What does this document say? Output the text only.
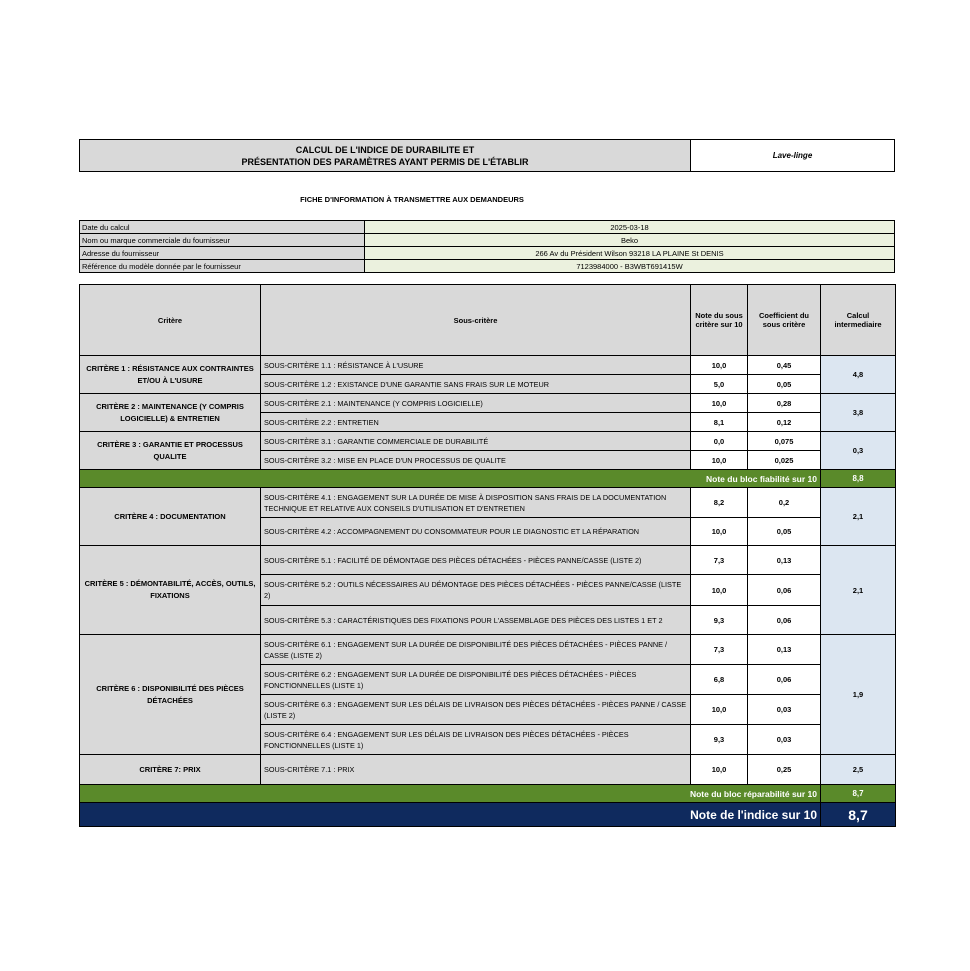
CALCUL DE L'INDICE DE DURABILITE ET
PRÉSENTATION DES PARAMÈTRES AYANT PERMIS DE L'ÉTABLIR
Lave-linge
FICHE D'INFORMATION À TRANSMETTRE AUX DEMANDEURS
Date du calcul	2025-03-18
Nom ou marque commerciale du fournisseur	Beko
Adresse du fournisseur	266 Av du Président Wilson 93218 LA PLAINE St DENIS
Référence du modèle donnée par le fournisseur	7123984000 - B3WBT691415W
Critère	Sous-critère	Note du sous critère sur 10	Coefficient du sous critère	Calcul intermediaire
CRITÈRE 1 : RÉSISTANCE AUX CONTRAINTES ET/OU À L'USURE	SOUS-CRITÈRE 1.1 : RÉSISTANCE À L'USURE	10,0	0,45	4,8
	SOUS-CRITÈRE 1.2 : EXISTANCE D'UNE GARANTIE SANS FRAIS SUR LE MOTEUR	5,0	0,05	
CRITÈRE 2 : MAINTENANCE (Y COMPRIS LOGICIELLE) & ENTRETIEN	SOUS-CRITÈRE 2.1 : MAINTENANCE (Y COMPRIS LOGICIELLE)	10,0	0,28	3,8
	SOUS-CRITÈRE 2.2 : ENTRETIEN	8,1	0,12	
CRITÈRE 3 : GARANTIE ET PROCESSUS QUALITE	SOUS-CRITÈRE 3.1 : GARANTIE COMMERCIALE DE DURABILITÉ	0,0	0,075	0,3
	SOUS-CRITÈRE 3.2 : MISE EN PLACE D'UN PROCESSUS DE QUALITE	10,0	0,025	
Note du bloc fiabilité sur 10				8,8
CRITÈRE 4 : DOCUMENTATION	SOUS-CRITÈRE 4.1 : ENGAGEMENT SUR LA DURÉE DE MISE À DISPOSITION SANS FRAIS DE LA DOCUMENTATION TECHNIQUE ET RELATIVE AUX CONSEILS D'UTILISATION ET D'ENTRETIEN	8,2	0,2	2,1
	SOUS-CRITÈRE 4.2 : ACCOMPAGNEMENT DU CONSOMMATEUR POUR LE DIAGNOSTIC ET LA RÉPARATION	10,0	0,05	
CRITÈRE 5 : DÉMONTABILITÉ, ACCÈS, OUTILS, FIXATIONS	SOUS-CRITÈRE 5.1 : FACILITÉ DE DÉMONTAGE DES PIÈCES DÉTACHÉES - PIÈCES PANNE/CASSE (LISTE 2)	7,3	0,13	2,1
	SOUS-CRITÈRE 5.2 : OUTILS NÉCESSAIRES AU DÉMONTAGE DES PIÈCES DÉTACHÉES - PIÈCES PANNE/CASSE (LISTE 2)	10,0	0,06	
	SOUS-CRITÈRE 5.3 : CARACTÉRISTIQUES DES FIXATIONS POUR L'ASSEMBLAGE DES PIÈCES DES LISTES 1 ET 2	9,3	0,06	
CRITÈRE 6 : DISPONIBILITÉ DES PIÈCES DÉTACHÉES	SOUS-CRITÈRE 6.1 : ENGAGEMENT SUR LA DURÉE DE DISPONIBILITÉ DES PIÈCES DÉTACHÉES - PIÈCES PANNE / CASSE (LISTE 2)	7,3	0,13	1,9
	SOUS-CRITÈRE 6.2 : ENGAGEMENT SUR LA DURÉE DE DISPONIBILITÉ DES PIÈCES DÉTACHÉES - PIÈCES FONCTIONNELLES (LISTE 1)	6,8	0,06	
	SOUS-CRITÈRE 6.3 : ENGAGEMENT SUR LES DÉLAIS DE LIVRAISON DES PIÈCES DÉTACHÉES - PIÈCES PANNE / CASSE (LISTE 2)	10,0	0,03	
	SOUS-CRITÈRE 6.4 : ENGAGEMENT SUR LES DÉLAIS DE LIVRAISON DES PIÈCES DÉTACHÉES - PIÈCES FONCTIONNELLES (LISTE 1)	9,3	0,03	
CRITÈRE 7: PRIX	SOUS-CRITÈRE 7.1 : PRIX	10,0	0,25	2,5
Note du bloc réparabilité sur 10				8,7
Note de l'indice sur 10				8,7
